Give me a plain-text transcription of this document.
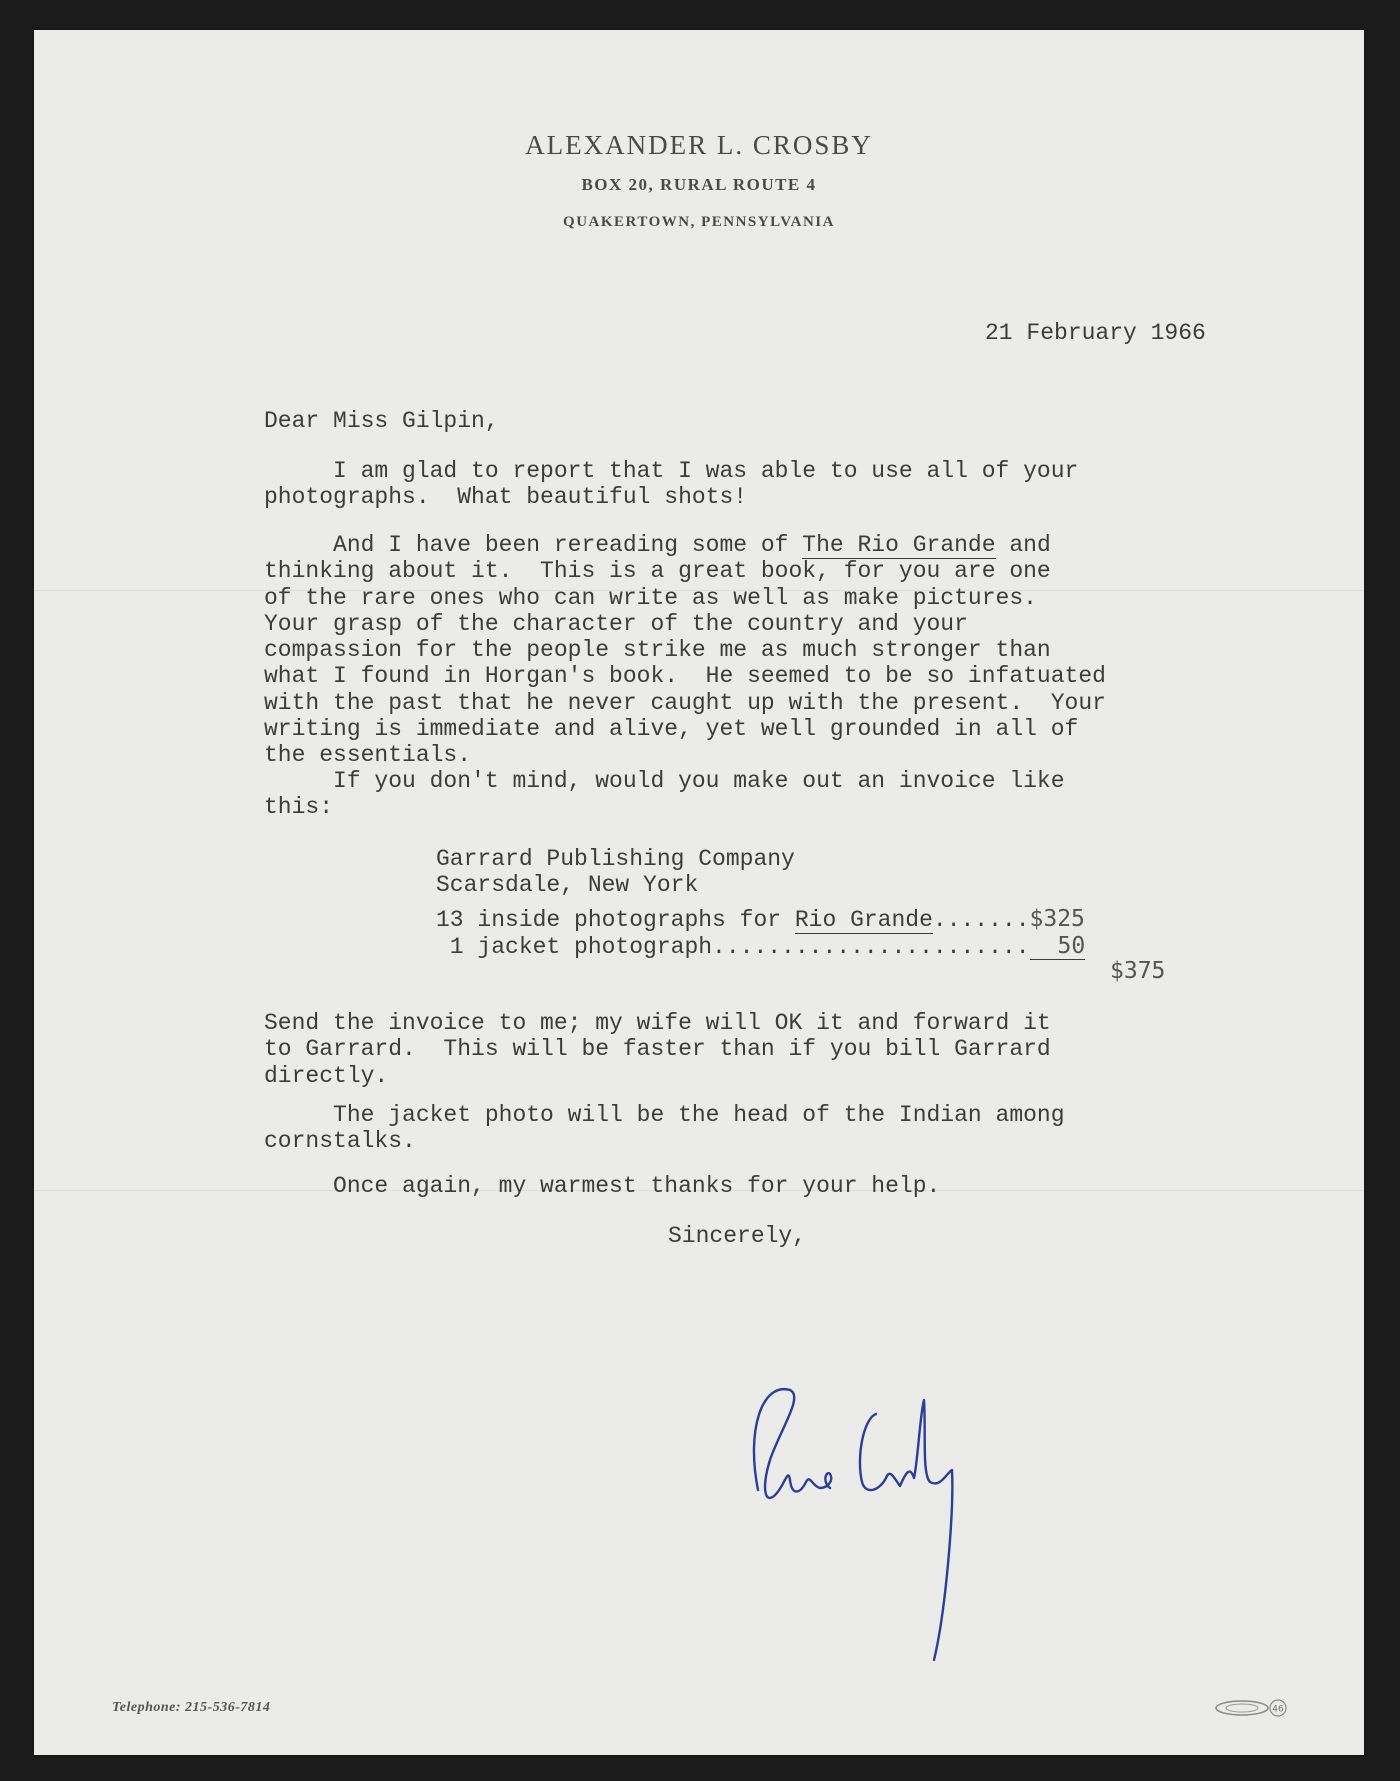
ALEXANDER L. CROSBY
BOX 20, RURAL ROUTE 4
QUAKERTOWN, PENNSYLVANIA
21 February 1966
Dear Miss Gilpin,
I am glad to report that I was able to use all of your
photographs.  What beautiful shots!
And I have been rereading some of The Rio Grande and
thinking about it.  This is a great book, for you are one
of the rare ones who can write as well as make pictures.
Your grasp of the character of the country and your
compassion for the people strike me as much stronger than
what I found in Horgan's book.  He seemed to be so infatuated
with the past that he never caught up with the present.  Your
writing is immediate and alive, yet well grounded in all of
the essentials.
If you don't mind, would you make out an invoice like
this:
Garrard Publishing Company
Scarsdale, New York
13 inside photographs for Rio Grande.......$325
1 jacket photograph....................... 50
$375
Send the invoice to me; my wife will OK it and forward it
to Garrard.  This will be faster than if you bill Garrard
directly.
The jacket photo will be the head of the Indian among
cornstalks.
Once again, my warmest thanks for your help.
Sincerely,
Telephone: 215-536-7814	46
